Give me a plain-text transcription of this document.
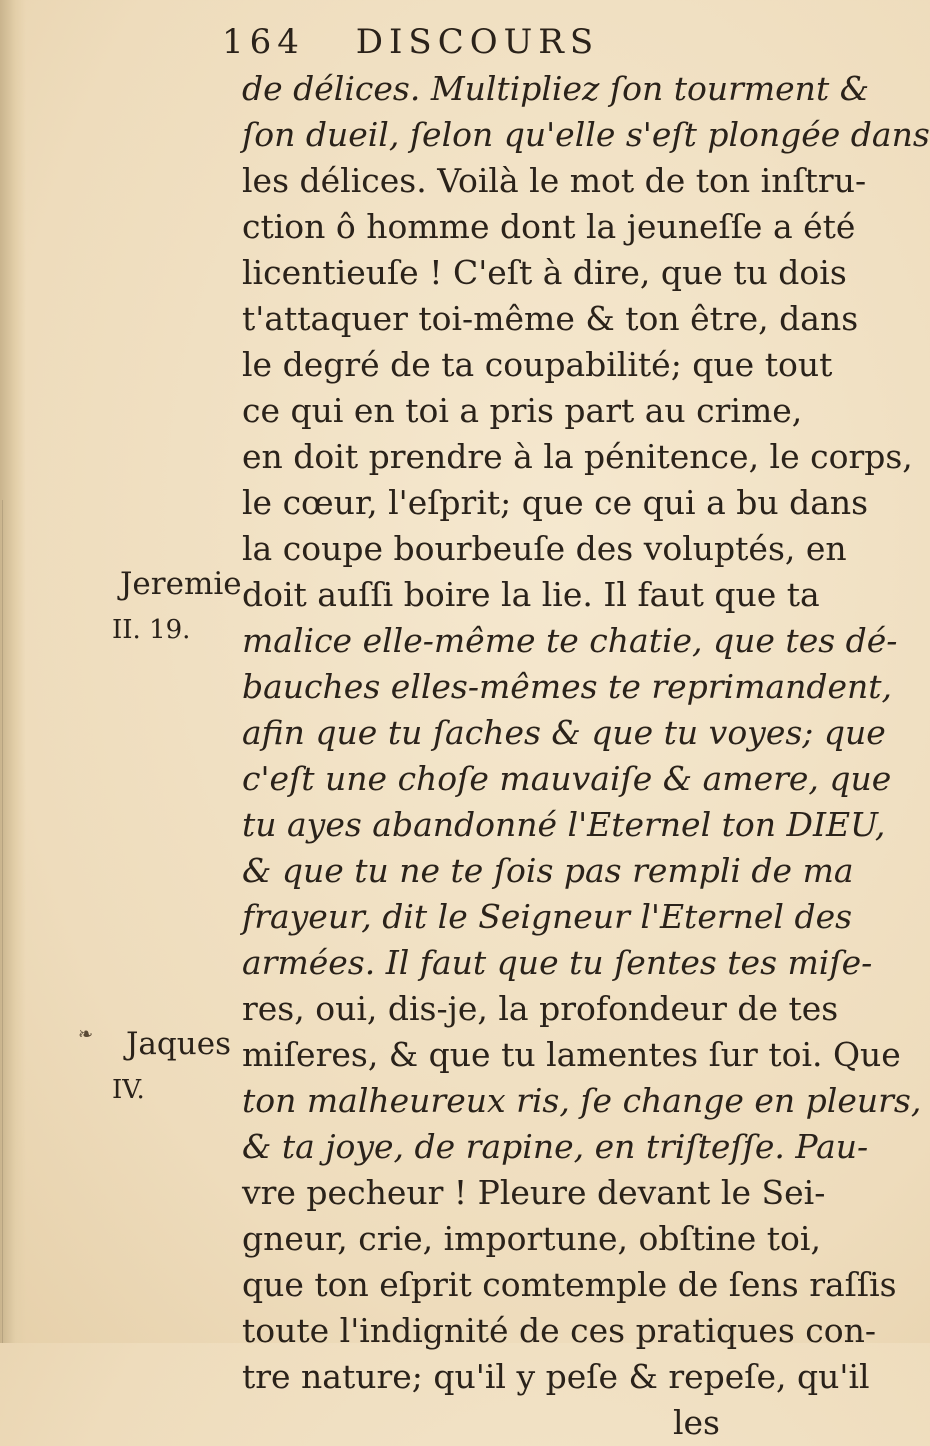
164 DISCOURS
Jeremie
II. 19.
Jaques
IV.
❧
de délices. Multipliez ſon tourment &
ſon dueil, ſelon qu'elle s'eſt plongée dans
les délices. Voilà le mot de ton inſtru-
ction ô homme dont la jeuneſſe a été
licentieuſe ! C'eſt à dire, que tu dois
t'attaquer toi-même & ton être, dans
le degré de ta coupabilité; que tout
ce qui en toi a pris part au crime,
en doit prendre à la pénitence, le corps,
le cœur, l'eſprit; que ce qui a bu dans
la coupe bourbeuſe des voluptés, en
doit auſſi boire la lie. Il faut que ta
malice elle-même te chatie, que tes dé-
bauches elles-mêmes te reprimandent,
afin que tu ſaches & que tu voyes; que
c'eſt une choſe mauvaiſe & amere, que
tu ayes abandonné l'Eternel ton DIEU,
& que tu ne te ſois pas rempli de ma
frayeur, dit le Seigneur l'Eternel des
armées. Il faut que tu ſentes tes miſe-
res, oui, dis-je, la profondeur de tes
miſeres, & que tu lamentes ſur toi. Que
ton malheureux ris, ſe change en pleurs,
& ta joye, de rapine, en triſteſſe. Pau-
vre pecheur ! Pleure devant le Sei-
gneur, crie, importune, obſtine toi,
que ton eſprit comtemple de ſens raſſis
toute l'indignité de ces pratiques con-
tre nature; qu'il y peſe & repeſe, qu'il
les
